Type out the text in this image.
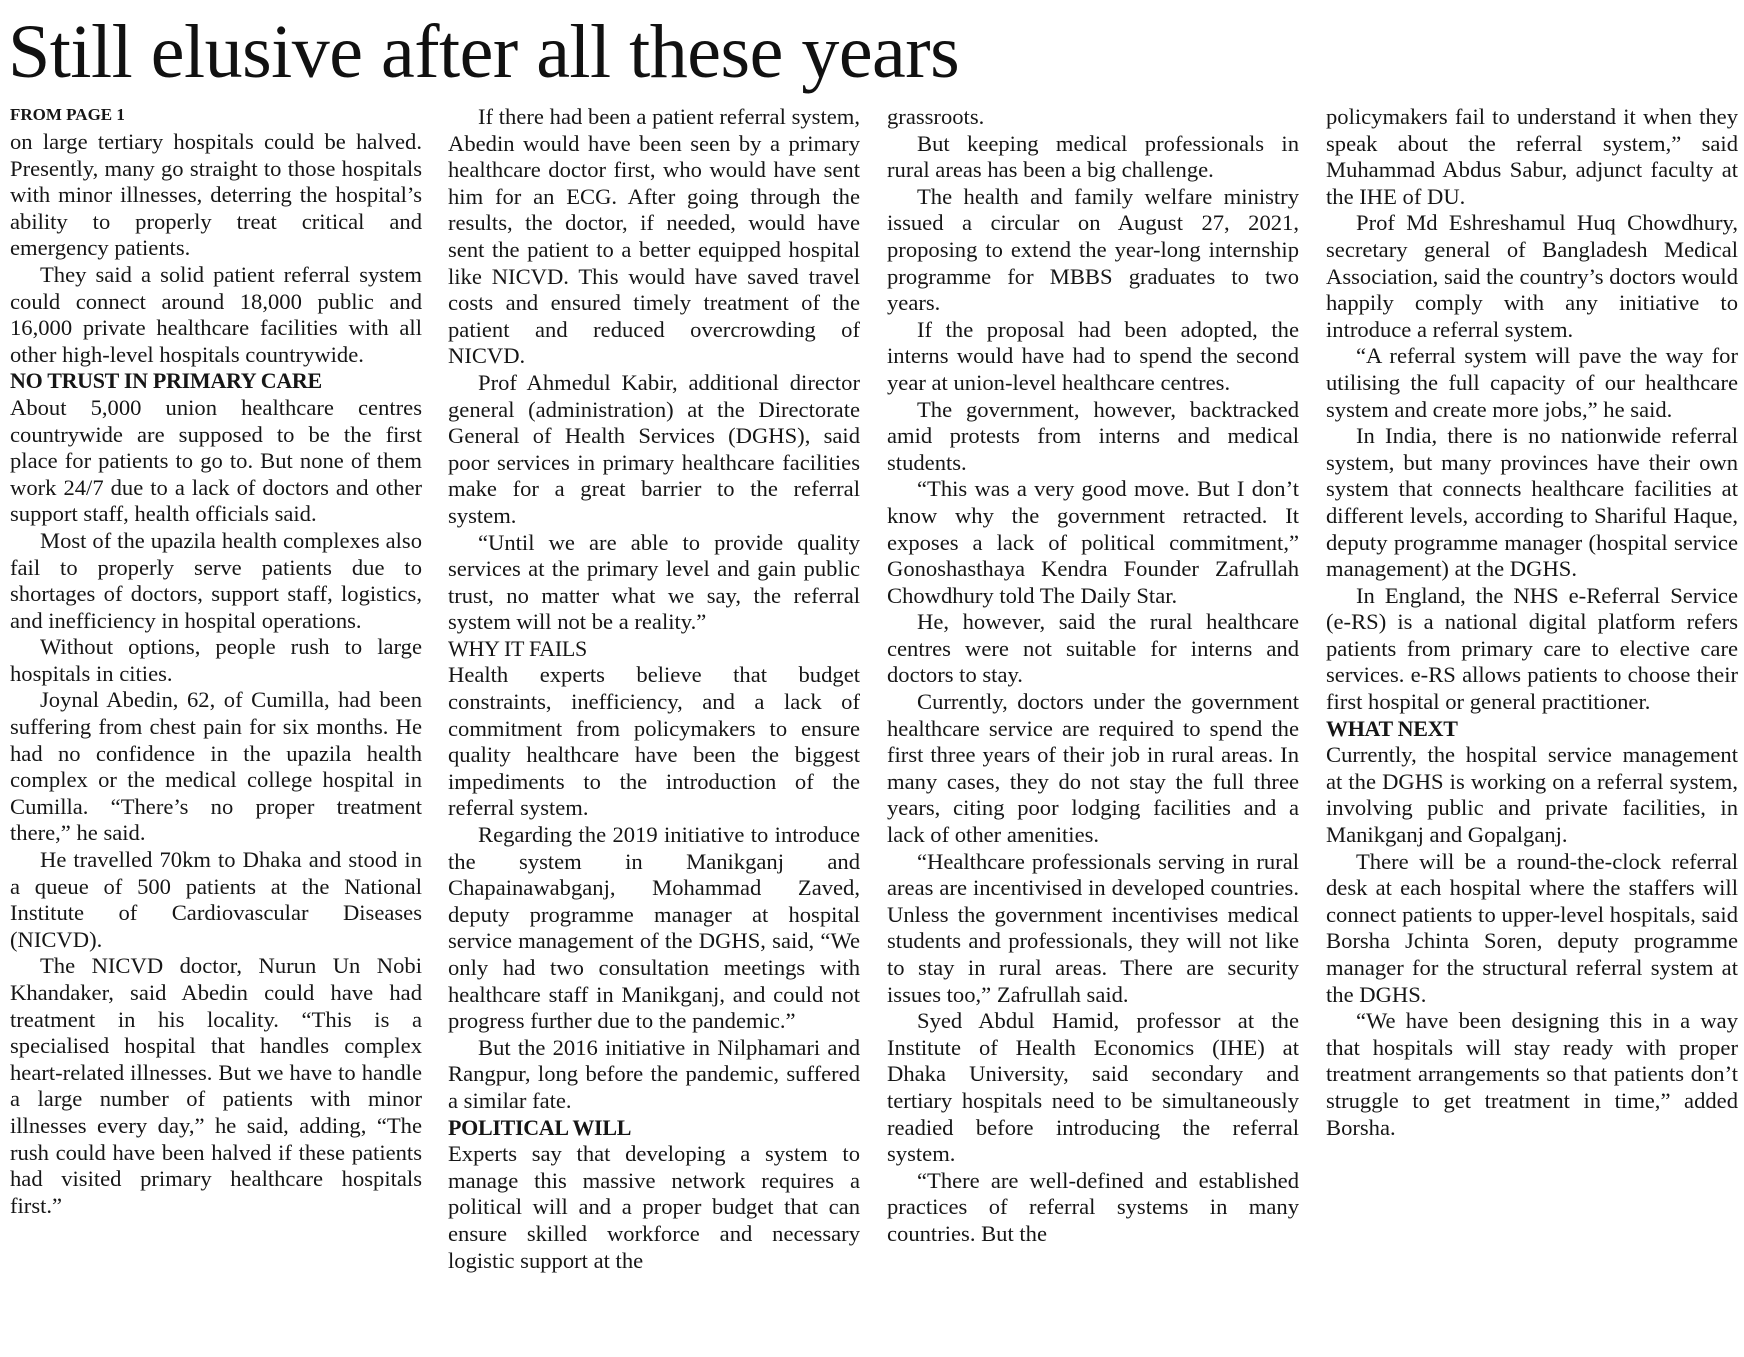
Still elusive after all these years
FROM PAGE 1

on large tertiary hospitals could be halved. Presently, many go straight to those hospitals with minor illnesses, deterring the hospital’s ability to properly treat critical and emergency patients.

They said a solid patient referral system could connect around 18,000 public and 16,000 private healthcare facilities with all other high-level hospitals countrywide.

NO TRUST IN PRIMARY CARE

About 5,000 union healthcare centres countrywide are supposed to be the first place for patients to go to. But none of them work 24/7 due to a lack of doctors and other support staff, health officials said.

Most of the upazila health complexes also fail to properly serve patients due to shortages of doctors, support staff, logistics, and inefficiency in hospital operations.

Without options, people rush to large hospitals in cities.

Joynal Abedin, 62, of Cumilla, had been suffering from chest pain for six months. He had no confidence in the upazila health complex or the medical college hospital in Cumilla. “There’s no proper treatment there,” he said.

He travelled 70km to Dhaka and stood in a queue of 500 patients at the National Institute of Cardiovascular Diseases (NICVD).

The NICVD doctor, Nurun Un Nobi Khandaker, said Abedin could have had treatment in his locality. “This is a specialised hospital that handles complex heart-related illnesses. But we have to handle a large number of patients with minor illnesses every day,” he said, adding, “The rush could have been halved if these patients had visited primary healthcare hospitals first.”

If there had been a patient referral system, Abedin would have been seen by a primary healthcare doctor first, who would have sent him for an ECG. After going through the results, the doctor, if needed, would have sent the patient to a better equipped hospital like NICVD. This would have saved travel costs and ensured timely treatment of the patient and reduced overcrowding of NICVD.

Prof Ahmedul Kabir, additional director general (administration) at the Directorate General of Health Services (DGHS), said poor services in primary healthcare facilities make for a great barrier to the referral system.

“Until we are able to provide quality services at the primary level and gain public trust, no matter what we say, the referral system will not be a reality.”

WHY IT FAILS

Health experts believe that budget constraints, inefficiency, and a lack of commitment from policymakers to ensure quality healthcare have been the biggest impediments to the introduction of the referral system.

Regarding the 2019 initiative to introduce the system in Manikganj and Chapainawabganj, Mohammad Zaved, deputy programme manager at hospital service management of the DGHS, said, “We only had two consultation meetings with healthcare staff in Manikganj, and could not progress further due to the pandemic.”

But the 2016 initiative in Nilphamari and Rangpur, long before the pandemic, suffered a similar fate.

POLITICAL WILL

Experts say that developing a system to manage this massive network requires a political will and a proper budget that can ensure skilled workforce and necessary logistic support at the

grassroots.

But keeping medical professionals in rural areas has been a big challenge.

The health and family welfare ministry issued a circular on August 27, 2021, proposing to extend the year-long internship programme for MBBS graduates to two years.

If the proposal had been adopted, the interns would have had to spend the second year at union-level healthcare centres.

The government, however, backtracked amid protests from interns and medical students.

“This was a very good move. But I don’t know why the government retracted. It exposes a lack of political commitment,” Gonoshasthaya Kendra Founder Zafrullah Chowdhury told The Daily Star.

He, however, said the rural healthcare centres were not suitable for interns and doctors to stay.

Currently, doctors under the government healthcare service are required to spend the first three years of their job in rural areas. In many cases, they do not stay the full three years, citing poor lodging facilities and a lack of other amenities.

“Healthcare professionals serving in rural areas are incentivised in developed countries. Unless the government incentivises medical students and professionals, they will not like to stay in rural areas. There are security issues too,” Zafrullah said.

Syed Abdul Hamid, professor at the Institute of Health Economics (IHE) at Dhaka University, said secondary and tertiary hospitals need to be simultaneously readied before introducing the referral system.

“There are well-defined and established practices of referral systems in many countries. But the

policymakers fail to understand it when they speak about the referral system,” said Muhammad Abdus Sabur, adjunct faculty at the IHE of DU.

Prof Md Eshreshamul Huq Chowdhury, secretary general of Bangladesh Medical Association, said the country’s doctors would happily comply with any initiative to introduce a referral system.

“A referral system will pave the way for utilising the full capacity of our healthcare system and create more jobs,” he said.

In India, there is no nationwide referral system, but many provinces have their own system that connects healthcare facilities at different levels, according to Shariful Haque, deputy programme manager (hospital service management) at the DGHS.

In England, the NHS e-Referral Service (e-RS) is a national digital platform refers patients from primary care to elective care services. e-RS allows patients to choose their first hospital or general practitioner.

WHAT NEXT

Currently, the hospital service management at the DGHS is working on a referral system, involving public and private facilities, in Manikganj and Gopalganj.

There will be a round-the-clock referral desk at each hospital where the staffers will connect patients to upper-level hospitals, said Borsha Jchinta Soren, deputy programme manager for the structural referral system at the DGHS.

“We have been designing this in a way that hospitals will stay ready with proper treatment arrangements so that patients don’t struggle to get treatment in time,” added Borsha.
